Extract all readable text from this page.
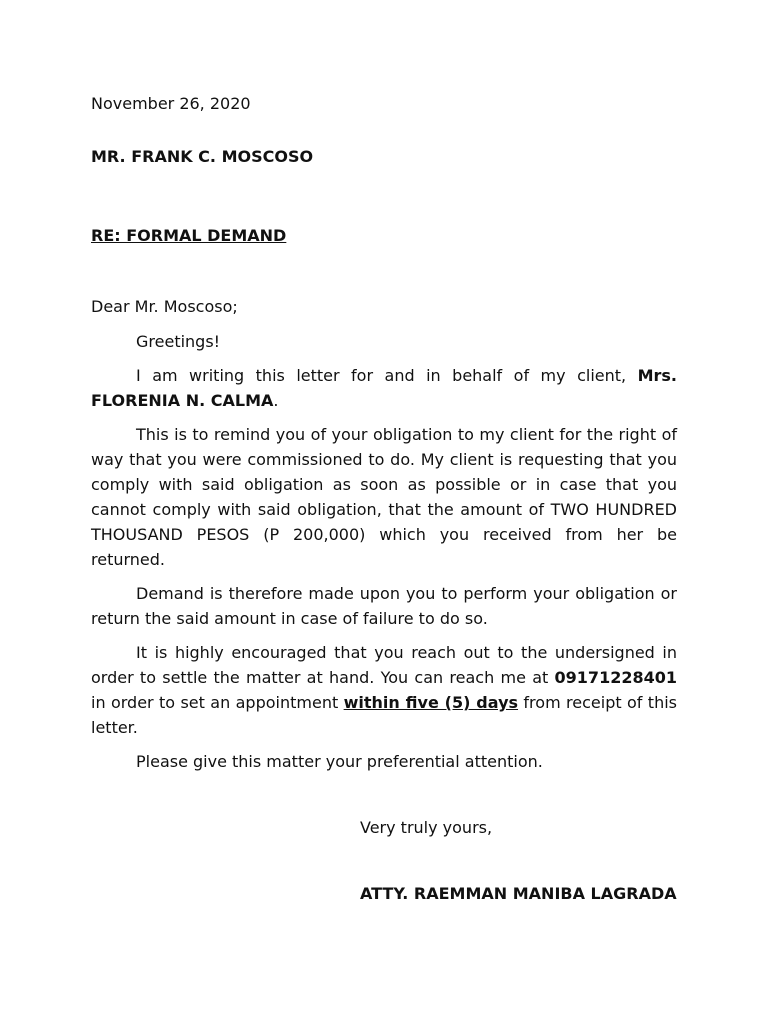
November 26, 2020

MR. FRANK C. MOSCOSO

RE: FORMAL DEMAND

Dear Mr. Moscoso;

Greetings!

I am writing this letter for and in behalf of my client, Mrs. FLORENIA N. CALMA.

This is to remind you of your obligation to my client for the right of way that you were commissioned to do. My client is requesting that you comply with said obligation as soon as possible or in case that you cannot comply with said obligation, that the amount of TWO HUNDRED THOUSAND PESOS (P 200,000) which you received from her be returned.

Demand is therefore made upon you to perform your obligation or return the said amount in case of failure to do so.

It is highly encouraged that you reach out to the undersigned in order to settle the matter at hand. You can reach me at 09171228401 in order to set an appointment within five (5) days from receipt of this letter.

Please give this matter your preferential attention.

Very truly yours,
ATTY. RAEMMAN MANIBA LAGRADA
